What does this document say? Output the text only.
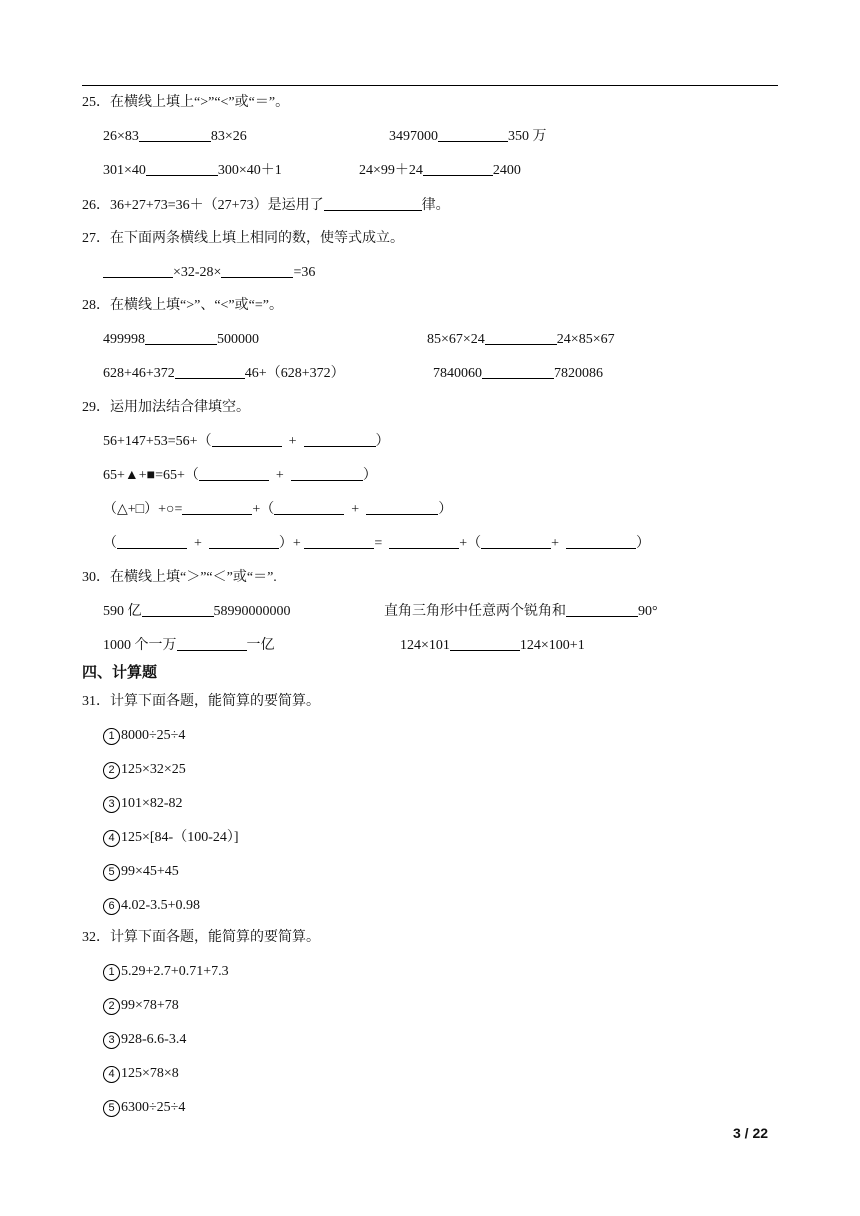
25．在横线上填上“>”“<”或“＝”。
26×83	83×26	3497000	350 万
301×40	300×40＋1	24×99＋24	2400
26．36+27+73=36＋（27+73）是运用了	律。
27．在下面两条横线上填上相同的数，使等式成立。
×32-28×	=36
28．在横线上填“>”、“<”或“=”。
499998	500000	85×67×24	24×85×67
628+46+372	46+（628+372）	7840060	7820086
29．运用加法结合律填空。
56+147+53=56+（	+	）
65+▲+■=65+（	+	）
（△+□）+○=	+（	+	）
（	+	）+	=	+（	+	）
30．在横线上填“＞”“＜”或“＝”.
590 亿	58990000000	直角三角形中任意两个锐角和	90°
1000 个一万	一亿	124×101	124×100+1
四、计算题
31．计算下面各题，能简算的要简算。
1 8000÷25÷4
2 125×32×25
3 101×82-82
4 125×[84-（100-24）]
5 99×45+45
6 4.02-3.5+0.98
32．计算下面各题，能简算的要简算。
1 5.29+2.7+0.71+7.3
2 99×78+78
3 928-6.6-3.4
4 125×78×8
5 6300÷25÷4
3 / 22
